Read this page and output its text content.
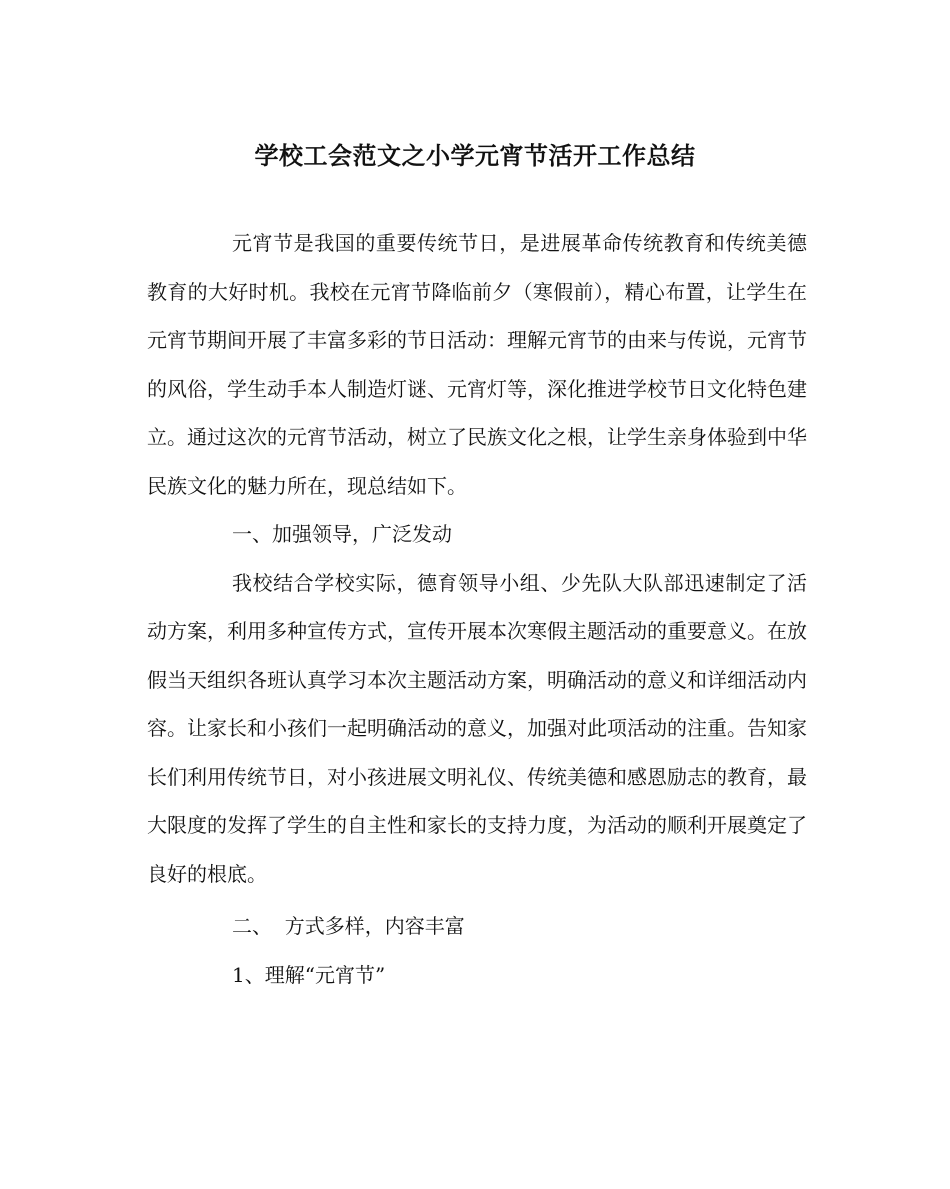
学校工会范文之小学元宵节活开工作总结

元宵节是我国的重要传统节日，是进展革命传统教育和传统美德教育的大好时机。我校在元宵节降临前夕（寒假前），精心布置，让学生在元宵节期间开展了丰富多彩的节日活动：理解元宵节的由来与传说，元宵节的风俗，学生动手本人制造灯谜、元宵灯等，深化推进学校节日文化特色建立。通过这次的元宵节活动，树立了民族文化之根，让学生亲身体验到中华民族文化的魅力所在，现总结如下。

一、加强领导，广泛发动

我校结合学校实际，德育领导小组、少先队大队部迅速制定了活动方案，利用多种宣传方式，宣传开展本次寒假主题活动的重要意义。在放假当天组织各班认真学习本次主题活动方案，明确活动的意义和详细活动内容。让家长和小孩们一起明确活动的意义，加强对此项活动的注重。告知家长们利用传统节日，对小孩进展文明礼仪、传统美德和感恩励志的教育，最大限度的发挥了学生的自主性和家长的支持力度，为活动的顺利开展奠定了良好的根底。

二、  方式多样，内容丰富

1、理解“元宵节”
